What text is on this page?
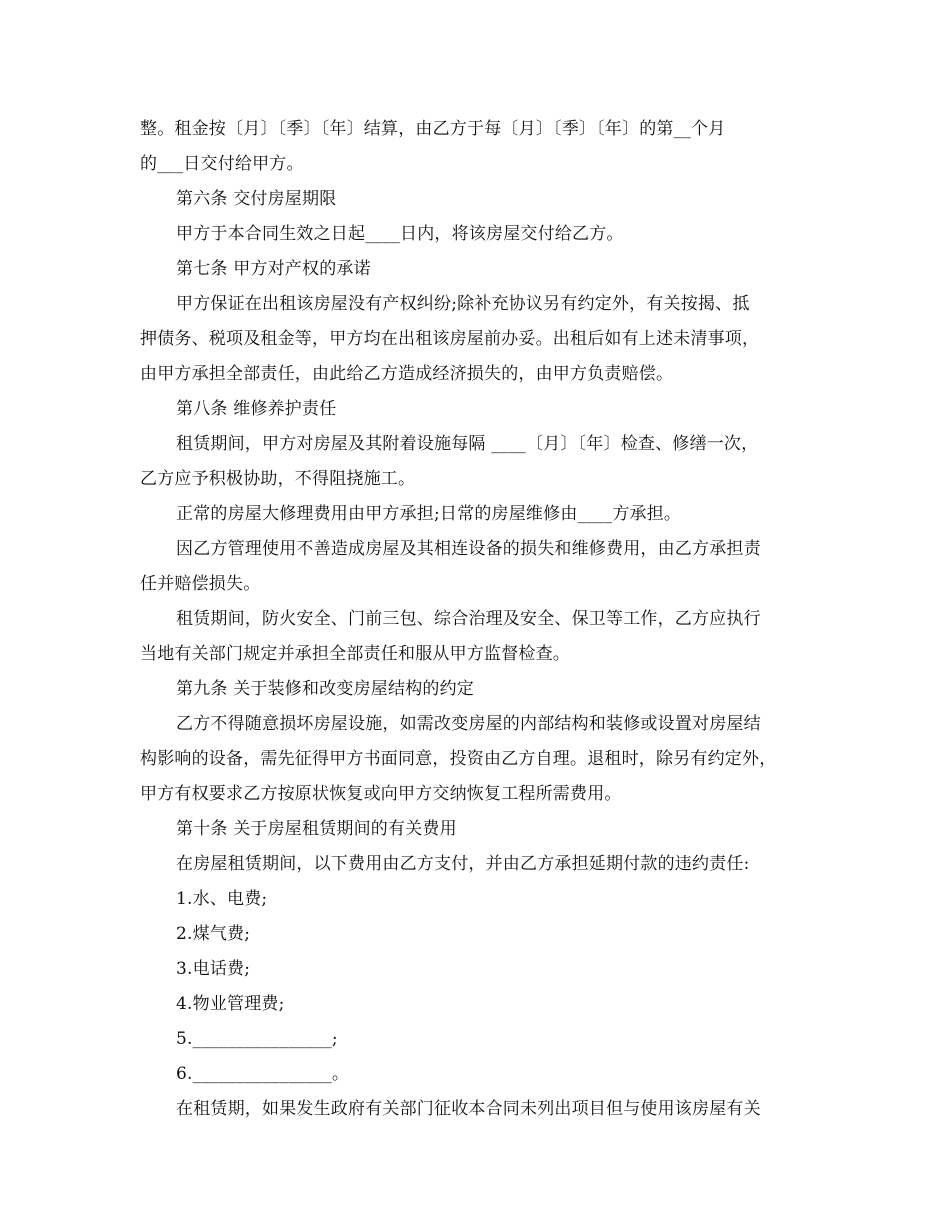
整。租金按〔月〕〔季〕〔年〕结算，由乙方于每〔月〕〔季〕〔年〕的第__个月
的___日交付给甲方。
第六条 交付房屋期限
甲方于本合同生效之日起____日内，将该房屋交付给乙方。
第七条 甲方对产权的承诺
甲方保证在出租该房屋没有产权纠纷;除补充协议另有约定外，有关按揭、抵
押债务、税项及租金等，甲方均在出租该房屋前办妥。出租后如有上述未清事项，
由甲方承担全部责任，由此给乙方造成经济损失的，由甲方负责赔偿。
第八条 维修养护责任
租赁期间，甲方对房屋及其附着设施每隔 ____〔月〕〔年〕检查、修缮一次，
乙方应予积极协助，不得阻挠施工。
正常的房屋大修理费用由甲方承担;日常的房屋维修由____方承担。
因乙方管理使用不善造成房屋及其相连设备的损失和维修费用，由乙方承担责
任并赔偿损失。
租赁期间，防火安全、门前三包、综合治理及安全、保卫等工作，乙方应执行
当地有关部门规定并承担全部责任和服从甲方监督检查。
第九条 关于装修和改变房屋结构的约定
乙方不得随意损坏房屋设施，如需改变房屋的内部结构和装修或设置对房屋结
构影响的设备，需先征得甲方书面同意，投资由乙方自理。退租时，除另有约定外，
甲方有权要求乙方按原状恢复或向甲方交纳恢复工程所需费用。
第十条 关于房屋租赁期间的有关费用
在房屋租赁期间，以下费用由乙方支付，并由乙方承担延期付款的违约责任:
1.水、电费;
2.煤气费;
3.电话费;
4.物业管理费;
5.________________;
6.________________。
在租赁期，如果发生政府有关部门征收本合同未列出项目但与使用该房屋有关
